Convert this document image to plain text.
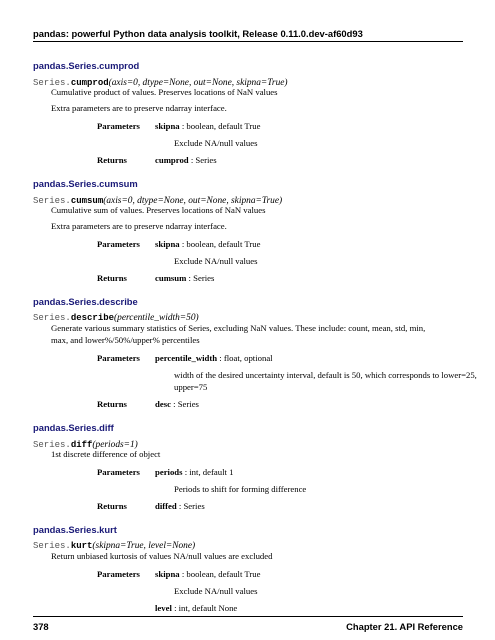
pandas: powerful Python data analysis toolkit, Release 0.11.0.dev-af60d93
pandas.Series.cumprod
Series.cumprod(axis=0, dtype=None, out=None, skipna=True)
Cumulative product of values. Preserves locations of NaN values
Extra parameters are to preserve ndarray interface.
Parameters skipna : boolean, default True
Exclude NA/null values
Returns	cumprod : Series
pandas.Series.cumsum
Series.cumsum(axis=0, dtype=None, out=None, skipna=True)
Cumulative sum of values. Preserves locations of NaN values
Extra parameters are to preserve ndarray interface.
Parameters skipna : boolean, default True
Exclude NA/null values
Returns	cumsum : Series
pandas.Series.describe
Series.describe(percentile_width=50)
Generate various summary statistics of Series, excluding NaN values. These include: count, mean, std, min,
max, and lower%/50%/upper% percentiles
Parameters percentile_width : float, optional
width of the desired uncertainty interval, default is 50, which corresponds to lower=25,
upper=75
Returns	desc : Series
pandas.Series.diff
Series.diff(periods=1)
1st discrete difference of object
Parameters periods : int, default 1
Periods to shift for forming difference
Returns	diffed : Series
pandas.Series.kurt
Series.kurt(skipna=True, level=None)
Return unbiased kurtosis of values NA/null values are excluded
Parameters skipna : boolean, default True
Exclude NA/null values
level : int, default None
378	Chapter 21. API Reference
